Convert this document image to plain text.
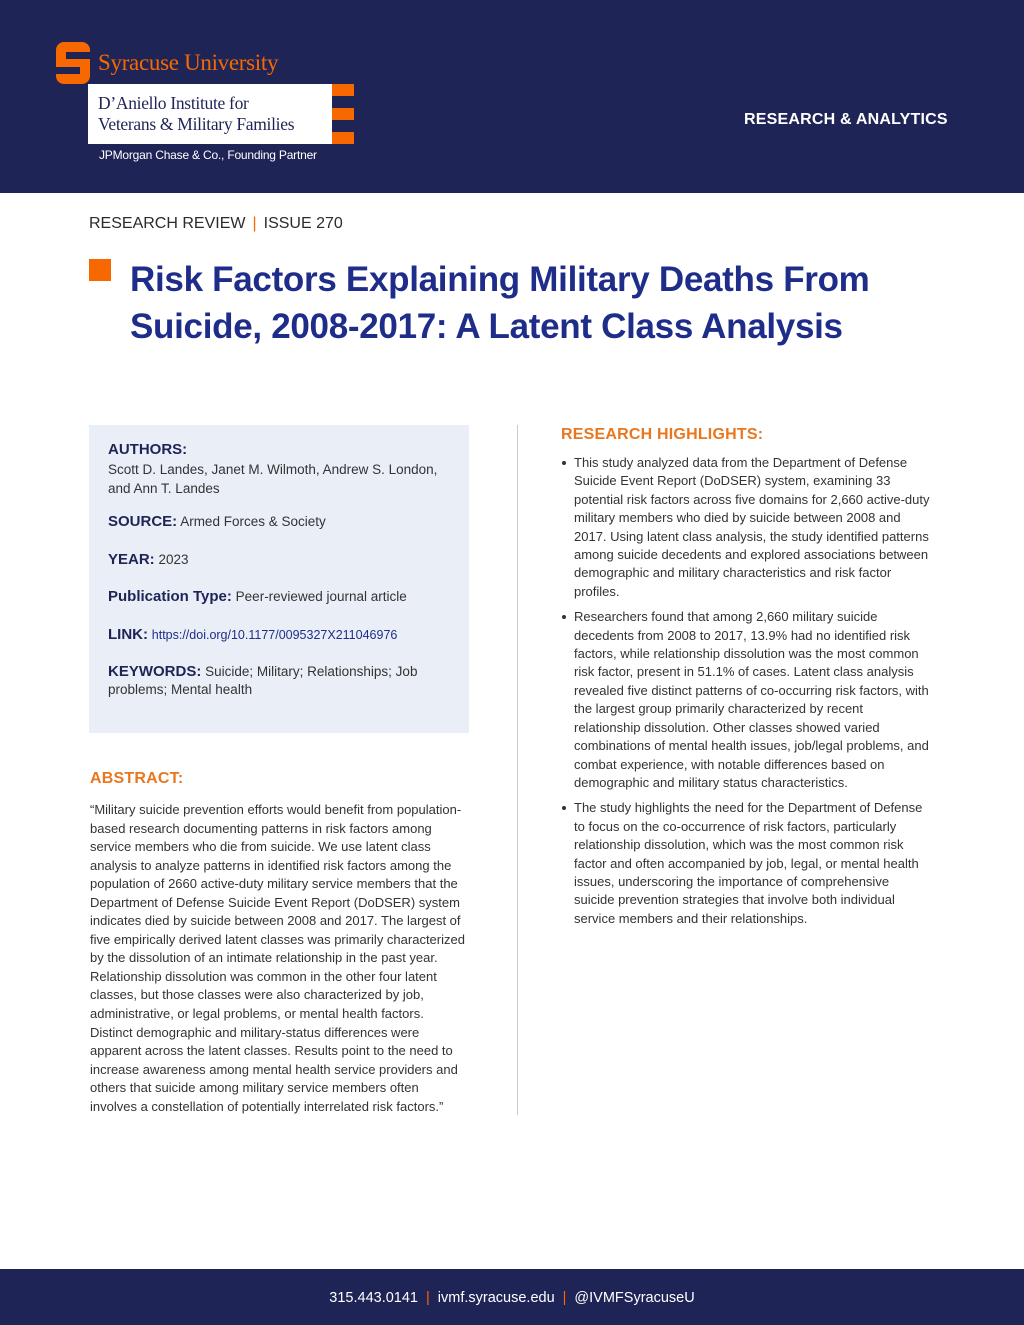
Syracuse University
D’Aniello Institute for
Veterans & Military Families
JPMorgan Chase & Co., Founding Partner
RESEARCH & ANALYTICS
RESEARCH REVIEW | ISSUE 270
Risk Factors Explaining Military Deaths From Suicide, 2008-2017: A Latent Class Analysis
AUTHORS:
Scott D. Landes, Janet M. Wilmoth, Andrew S. London, and Ann T. Landes
SOURCE: Armed Forces & Society
YEAR: 2023
Publication Type: Peer-reviewed journal article
LINK: https://doi.org/10.1177/0095327X211046976
KEYWORDS: Suicide; Military; Relationships; Job problems; Mental health
ABSTRACT:

“Military suicide prevention efforts would benefit from population-based research documenting patterns in risk factors among service members who die from suicide. We use latent class analysis to analyze patterns in identified risk factors among the population of 2660 active-duty military service members that the Department of Defense Suicide Event Report (DoDSER) system indicates died by suicide between 2008 and 2017. The largest of five empirically derived latent classes was primarily characterized by the dissolution of an intimate relationship in the past year. Relationship dissolution was common in the other four latent classes, but those classes were also characterized by job, administrative, or legal problems, or mental health factors. Distinct demographic and military-status differences were apparent across the latent classes. Results point to the need to increase awareness among mental health service providers and others that suicide among military service members often involves a constellation of potentially interrelated risk factors.”

RESEARCH HIGHLIGHTS:
This study analyzed data from the Department of Defense Suicide Event Report (DoDSER) system, examining 33 potential risk factors across five domains for 2,660 active-duty military members who died by suicide between 2008 and 2017. Using latent class analysis, the study identified patterns among suicide decedents and explored associations between demographic and military characteristics and risk factor profiles.
Researchers found that among 2,660 military suicide decedents from 2008 to 2017, 13.9% had no identified risk factors, while relationship dissolution was the most common risk factor, present in 51.1% of cases. Latent class analysis revealed five distinct patterns of co-occurring risk factors, with the largest group primarily characterized by recent relationship dissolution. Other classes showed varied combinations of mental health issues, job/legal problems, and combat experience, with notable differences based on demographic and military status characteristics.
The study highlights the need for the Department of Defense to focus on the co-occurrence of risk factors, particularly relationship dissolution, which was the most common risk factor and often accompanied by job, legal, or mental health issues, underscoring the importance of comprehensive suicide prevention strategies that involve both individual service members and their relationships.
315.443.0141 | ivmf.syracuse.edu | @IVMFSyracuseU
